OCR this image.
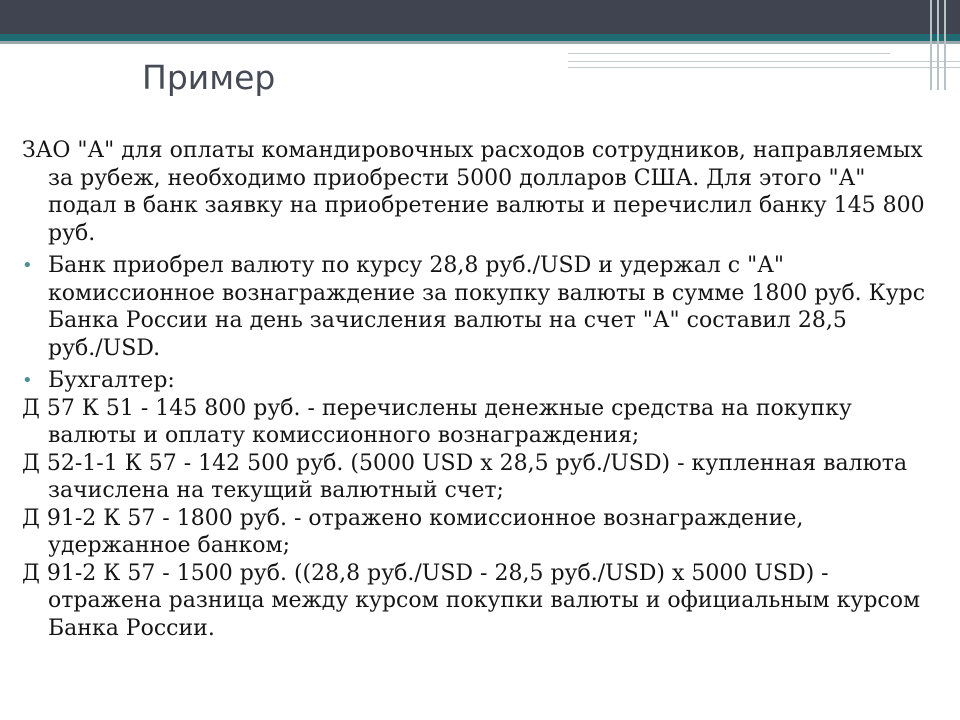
Пример

ЗАО "А" для оплаты командировочных расходов сотрудников, направляемых за рубеж, необходимо приобрести 5000 долларов США. Для этого "А" подал в банк заявку на приобретение валюты и перечислил банку 145 800 руб.

• Банк приобрел валюту по курсу 28,8 руб./USD и удержал с "А" комиссионное вознаграждение за покупку валюты в сумме 1800 руб. Курс Банка России на день зачисления валюты на счет "А" составил 28,5 руб./USD.

• Бухгалтер:

Д 57 К 51 - 145 800 руб. - перечислены денежные средства на покупку валюты и оплату комиссионного вознаграждения;

Д 52-1-1 К 57 - 142 500 руб. (5000 USD x 28,5 руб./USD) - купленная валюта зачислена на текущий валютный счет;

Д 91-2 К 57 - 1800 руб. - отражено комиссионное вознаграждение, удержанное банком;

Д 91-2 К 57 - 1500 руб. ((28,8 руб./USD - 28,5 руб./USD) x 5000 USD) - отражена разница между курсом покупки валюты и официальным курсом Банка России.
